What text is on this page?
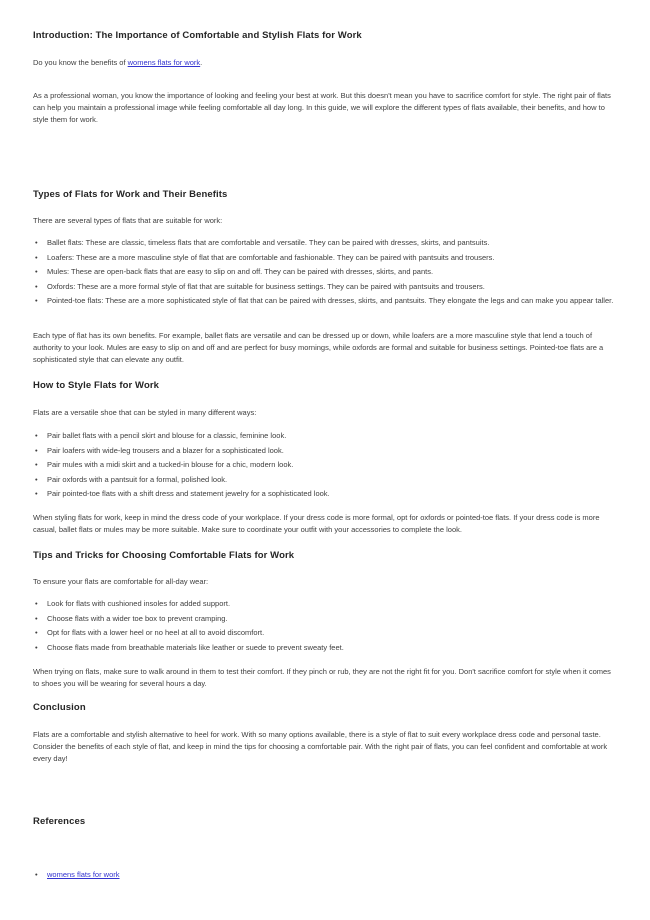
Introduction: The Importance of Comfortable and Stylish Flats for Work

Do you know the benefits of womens flats for work.

As a professional woman, you know the importance of looking and feeling your best at work. But this doesn't mean you have to sacrifice comfort for style. The right pair of flats can help you maintain a professional image while feeling comfortable all day long. In this guide, we will explore the different types of flats available, their benefits, and how to style them for work.

Types of Flats for Work and Their Benefits

There are several types of flats that are suitable for work:

• Ballet flats: These are classic, timeless flats that are comfortable and versatile. They can be paired with dresses, skirts, and pantsuits.
• Loafers: These are a more masculine style of flat that are comfortable and fashionable. They can be paired with pantsuits and trousers.
• Mules: These are open-back flats that are easy to slip on and off. They can be paired with dresses, skirts, and pants.
• Oxfords: These are a more formal style of flat that are suitable for business settings. They can be paired with pantsuits and trousers.
• Pointed-toe flats: These are a more sophisticated style of flat that can be paired with dresses, skirts, and pantsuits. They elongate the legs and can make you appear taller.

Each type of flat has its own benefits. For example, ballet flats are versatile and can be dressed up or down, while loafers are a more masculine style that lend a touch of authority to your look. Mules are easy to slip on and off and are perfect for busy mornings, while oxfords are formal and suitable for business settings. Pointed-toe flats are a sophisticated style that can elevate any outfit.

How to Style Flats for Work

Flats are a versatile shoe that can be styled in many different ways:

• Pair ballet flats with a pencil skirt and blouse for a classic, feminine look.
• Pair loafers with wide-leg trousers and a blazer for a sophisticated look.
• Pair mules with a midi skirt and a tucked-in blouse for a chic, modern look.
• Pair oxfords with a pantsuit for a formal, polished look.
• Pair pointed-toe flats with a shift dress and statement jewelry for a sophisticated look.

When styling flats for work, keep in mind the dress code of your workplace. If your dress code is more formal, opt for oxfords or pointed-toe flats. If your dress code is more casual, ballet flats or mules may be more suitable. Make sure to coordinate your outfit with your accessories to complete the look.

Tips and Tricks for Choosing Comfortable Flats for Work

To ensure your flats are comfortable for all-day wear:

• Look for flats with cushioned insoles for added support.
• Choose flats with a wider toe box to prevent cramping.
• Opt for flats with a lower heel or no heel at all to avoid discomfort.
• Choose flats made from breathable materials like leather or suede to prevent sweaty feet.

When trying on flats, make sure to walk around in them to test their comfort. If they pinch or rub, they are not the right fit for you. Don't sacrifice comfort for style when it comes to shoes you will be wearing for several hours a day.

Conclusion

Flats are a comfortable and stylish alternative to heel for work. With so many options available, there is a style of flat to suit every workplace dress code and personal taste. Consider the benefits of each style of flat, and keep in mind the tips for choosing a comfortable pair. With the right pair of flats, you can feel confident and comfortable at work every day!

References
• womens flats for work
